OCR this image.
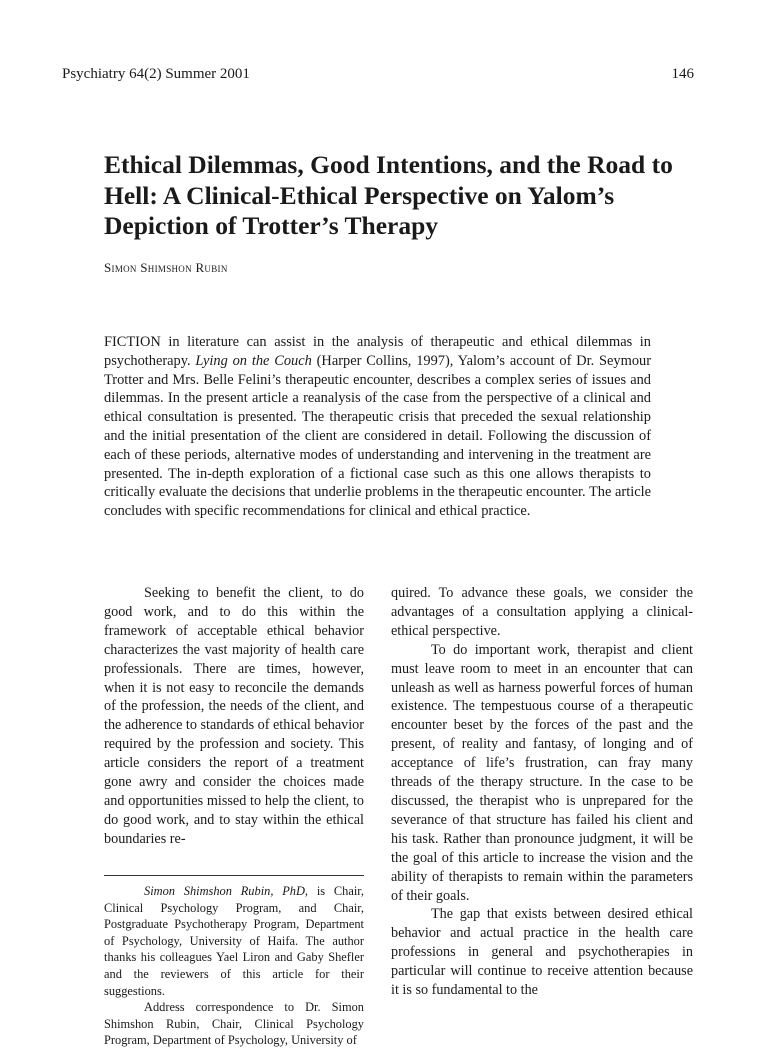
Psychiatry 64(2) Summer 2001	146
Ethical Dilemmas, Good Intentions, and the Road to Hell: A Clinical-Ethical Perspective on Yalom’s Depiction of Trotter’s Therapy
Simon Shimshon Rubin

FICTION in literature can assist in the analysis of therapeutic and ethical dilemmas in psychotherapy. Lying on the Couch (Harper Collins, 1997), Yalom’s account of Dr. Seymour Trotter and Mrs. Belle Felini’s therapeutic encounter, describes a complex series of issues and dilemmas. In the present article a reanalysis of the case from the perspective of a clinical and ethical consultation is presented. The therapeutic crisis that preceded the sexual relationship and the initial presentation of the client are considered in detail. Following the discussion of each of these periods, alternative modes of understanding and intervening in the treatment are presented. The in-depth exploration of a fictional case such as this one allows therapists to critically evaluate the decisions that underlie problems in the therapeutic encounter. The article concludes with specific recommendations for clinical and ethical practice.

Seeking to benefit the client, to do good work, and to do this within the framework of acceptable ethical behavior characterizes the vast majority of health care professionals. There are times, however, when it is not easy to reconcile the demands of the profession, the needs of the client, and the adherence to standards of ethical behavior required by the profession and society. This article considers the report of a treatment gone awry and consider the choices made and opportunities missed to help the client, to do good work, and to stay within the ethical boundaries re-

quired. To advance these goals, we consider the advantages of a consultation applying a clinical-ethical perspective.

To do important work, therapist and client must leave room to meet in an encounter that can unleash as well as harness powerful forces of human existence. The tempestuous course of a therapeutic encounter beset by the forces of the past and the present, of reality and fantasy, of longing and of acceptance of life’s frustration, can fray many threads of the therapy structure. In the case to be discussed, the therapist who is unprepared for the severance of that structure has failed his client and his task. Rather than pronounce judgment, it will be the goal of this article to increase the vision and the ability of therapists to remain within the parameters of their goals.

The gap that exists between desired ethical behavior and actual practice in the health care professions in general and psychotherapies in particular will continue to receive attention because it is so fundamental to the

Simon Shimshon Rubin, PhD, is Chair, Clinical Psychology Program, and Chair, Postgraduate Psychotherapy Program, Department of Psychology, University of Haifa. The author thanks his colleagues Yael Liron and Gaby Shefler and the reviewers of this article for their suggestions.

Address correspondence to Dr. Simon Shimshon Rubin, Chair, Clinical Psychology Program, Department of Psychology, University of
